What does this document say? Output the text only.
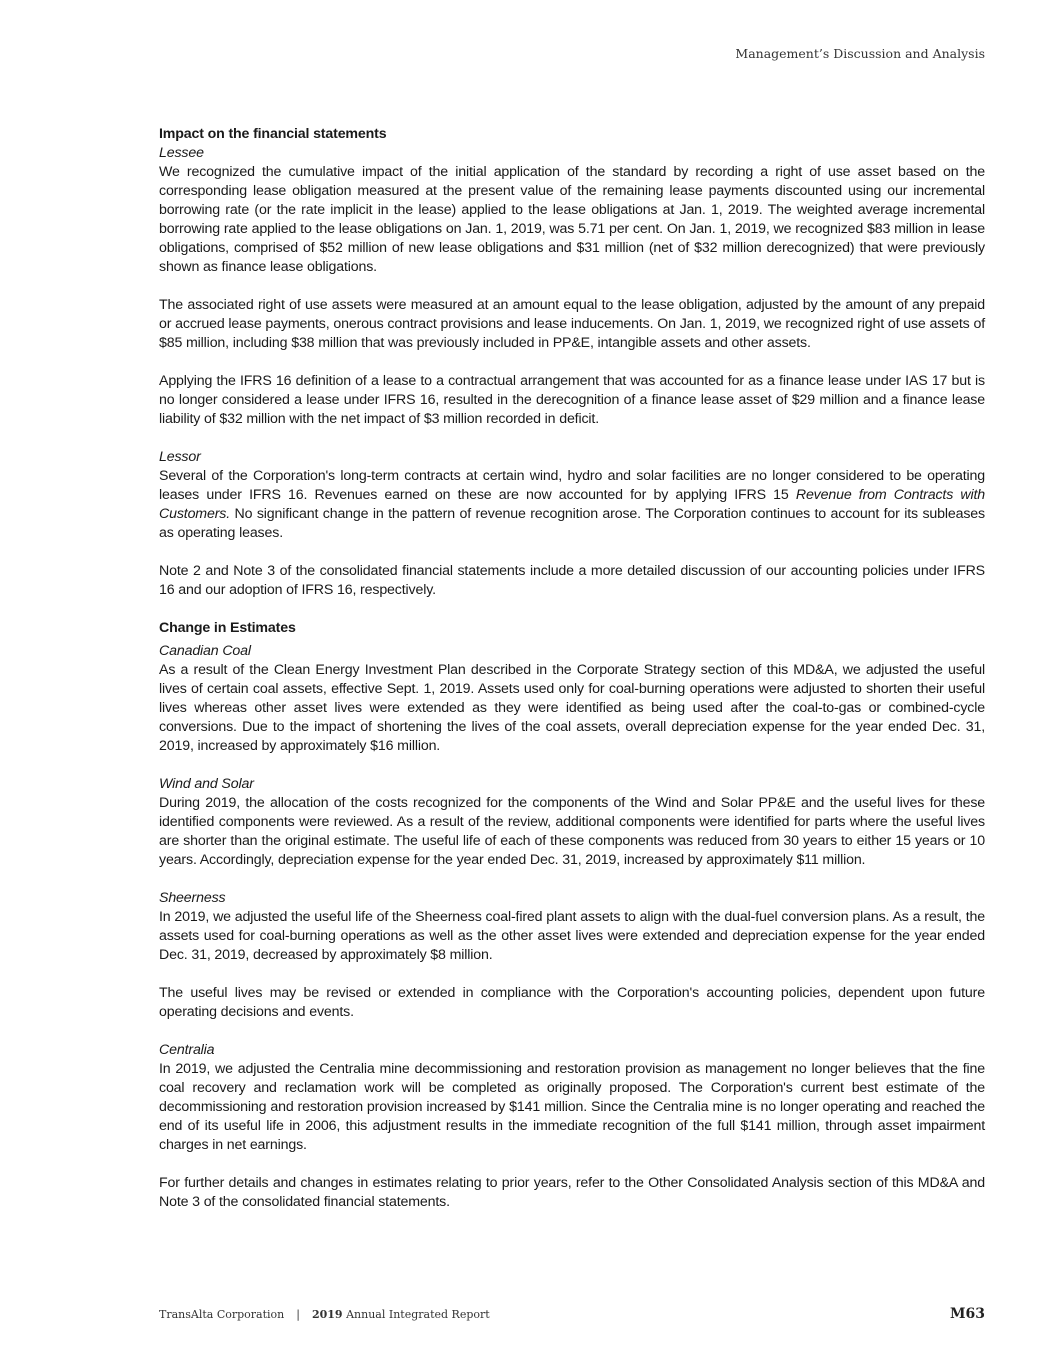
Management’s Discussion and Analysis
Impact on the financial statements
Lessee

We recognized the cumulative impact of the initial application of the standard by recording a right of use asset based on the corresponding lease obligation measured at the present value of the remaining lease payments discounted using our incremental borrowing rate (or the rate implicit in the lease) applied to the lease obligations at Jan. 1, 2019. The weighted average incremental borrowing rate applied to the lease obligations on Jan. 1, 2019, was 5.71 per cent. On Jan. 1, 2019, we recognized $83 million in lease obligations, comprised of $52 million of new lease obligations and $31 million (net of $32 million derecognized) that were previously shown as finance lease obligations.

The associated right of use assets were measured at an amount equal to the lease obligation, adjusted by the amount of any prepaid or accrued lease payments, onerous contract provisions and lease inducements. On Jan. 1, 2019, we recognized right of use assets of $85 million, including $38 million that was previously included in PP&E, intangible assets and other assets.

Applying the IFRS 16 definition of a lease to a contractual arrangement that was accounted for as a finance lease under IAS 17 but is no longer considered a lease under IFRS 16, resulted in the derecognition of a finance lease asset of $29 million and a finance lease liability of $32 million with the net impact of $3 million recorded in deficit.

Lessor

Several of the Corporation's long-term contracts at certain wind, hydro and solar facilities are no longer considered to be operating leases under IFRS 16. Revenues earned on these are now accounted for by applying IFRS 15 Revenue from Contracts with Customers. No significant change in the pattern of revenue recognition arose. The Corporation continues to account for its subleases as operating leases.

Note 2 and Note 3 of the consolidated financial statements include a more detailed discussion of our accounting policies under IFRS 16 and our adoption of IFRS 16, respectively.

Change in Estimates
Canadian Coal

As a result of the Clean Energy Investment Plan described in the Corporate Strategy section of this MD&A, we adjusted the useful lives of certain coal assets, effective Sept. 1, 2019. Assets used only for coal-burning operations were adjusted to shorten their useful lives whereas other asset lives were extended as they were identified as being used after the coal-to-gas or combined-cycle conversions. Due to the impact of shortening the lives of the coal assets, overall depreciation expense for the year ended Dec. 31, 2019, increased by approximately $16 million.

Wind and Solar

During 2019, the allocation of the costs recognized for the components of the Wind and Solar PP&E and the useful lives for these identified components were reviewed. As a result of the review, additional components were identified for parts where the useful lives are shorter than the original estimate. The useful life of each of these components was reduced from 30 years to either 15 years or 10 years. Accordingly, depreciation expense for the year ended Dec. 31, 2019, increased by approximately $11 million.

Sheerness

In 2019, we adjusted the useful life of the Sheerness coal-fired plant assets to align with the dual-fuel conversion plans. As a result, the assets used for coal-burning operations as well as the other asset lives were extended and depreciation expense for the year ended Dec. 31, 2019, decreased by approximately $8 million.

The useful lives may be revised or extended in compliance with the Corporation's accounting policies, dependent upon future operating decisions and events.

Centralia

In 2019, we adjusted the Centralia mine decommissioning and restoration provision as management no longer believes that the fine coal recovery and reclamation work will be completed as originally proposed. The Corporation's current best estimate of the decommissioning and restoration provision increased by $141 million. Since the Centralia mine is no longer operating and reached the end of its useful life in 2006, this adjustment results in the immediate recognition of the full $141 million, through asset impairment charges in net earnings.

For further details and changes in estimates relating to prior years, refer to the Other Consolidated Analysis section of this MD&A and Note 3 of the consolidated financial statements.

TransAlta Corporation | 2019 Annual Integrated Report	M63
